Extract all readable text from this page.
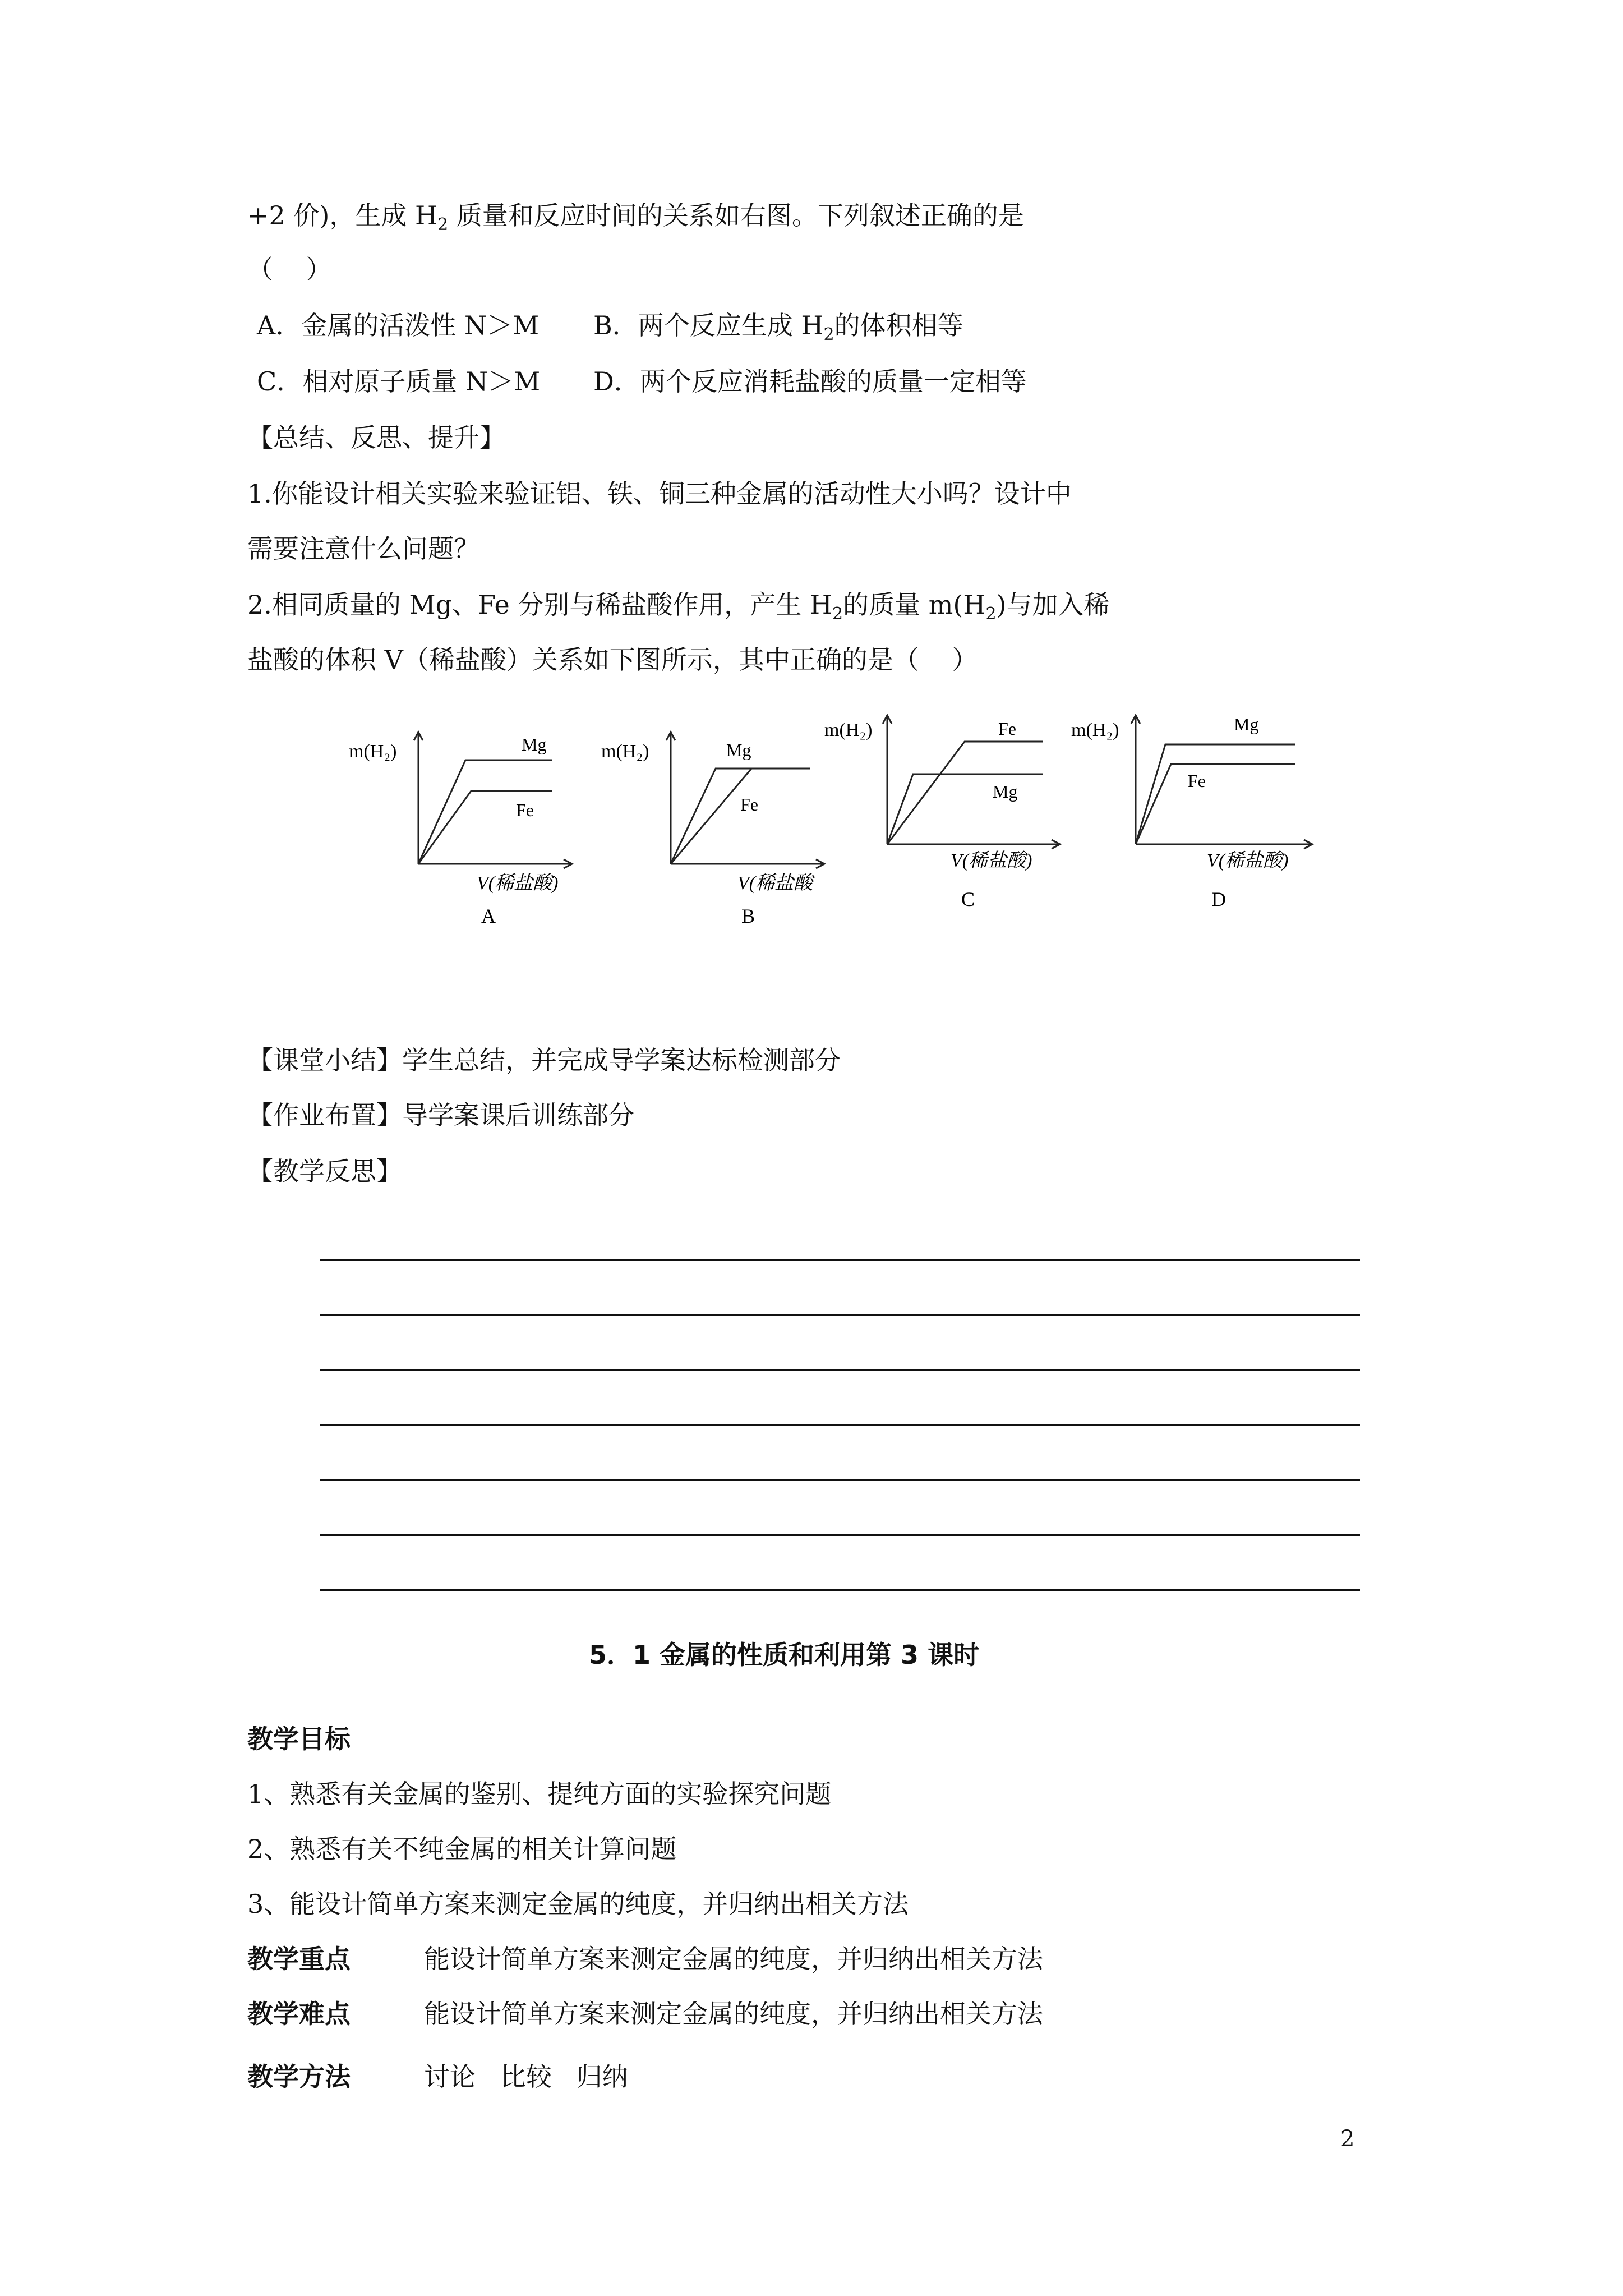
+2 价)，生成 $H_2$ 质量和反应时间的关系如右图。下列叙述正确的是
（    ）
A．金属的活泼性 N＞M B．两个反应生成 $H_2$的体积相等
C．相对原子质量 N＞M D．两个反应消耗盐酸的质量一定相等
【总结、反思、提升】
1.你能设计相关实验来验证铝、铁、铜三种金属的活动性大小吗？设计中
需要注意什么问题？
2.相同质量的 Mg、Fe 分别与稀盐酸作用，产生 $H_2$的质量 $m(H_2)$与加入稀
盐酸的体积 V（稀盐酸）关系如下图所示，其中正确的是（    ）
m(H₂)	Mg
Fe
V(稀盐酸)
A
m(H₂)	Mg
Fe
V(稀盐酸
B
m(H₂)	Fe
Mg
V(稀盐酸)
C
m(H₂)	Mg
Fe
V(稀盐酸)
D
【课堂小结】学生总结，并完成导学案达标检测部分
【作业布置】导学案课后训练部分
【教学反思】
5．1 金属的性质和利用第 3 课时
教学目标
1、熟悉有关金属的鉴别、提纯方面的实验探究问题
2、熟悉有关不纯金属的相关计算问题
3、能设计简单方案来测定金属的纯度，并归纳出相关方法
教学重点	能设计简单方案来测定金属的纯度，并归纳出相关方法
教学难点	能设计简单方案来测定金属的纯度，并归纳出相关方法
教学方法	讨论   比较   归纳
2
